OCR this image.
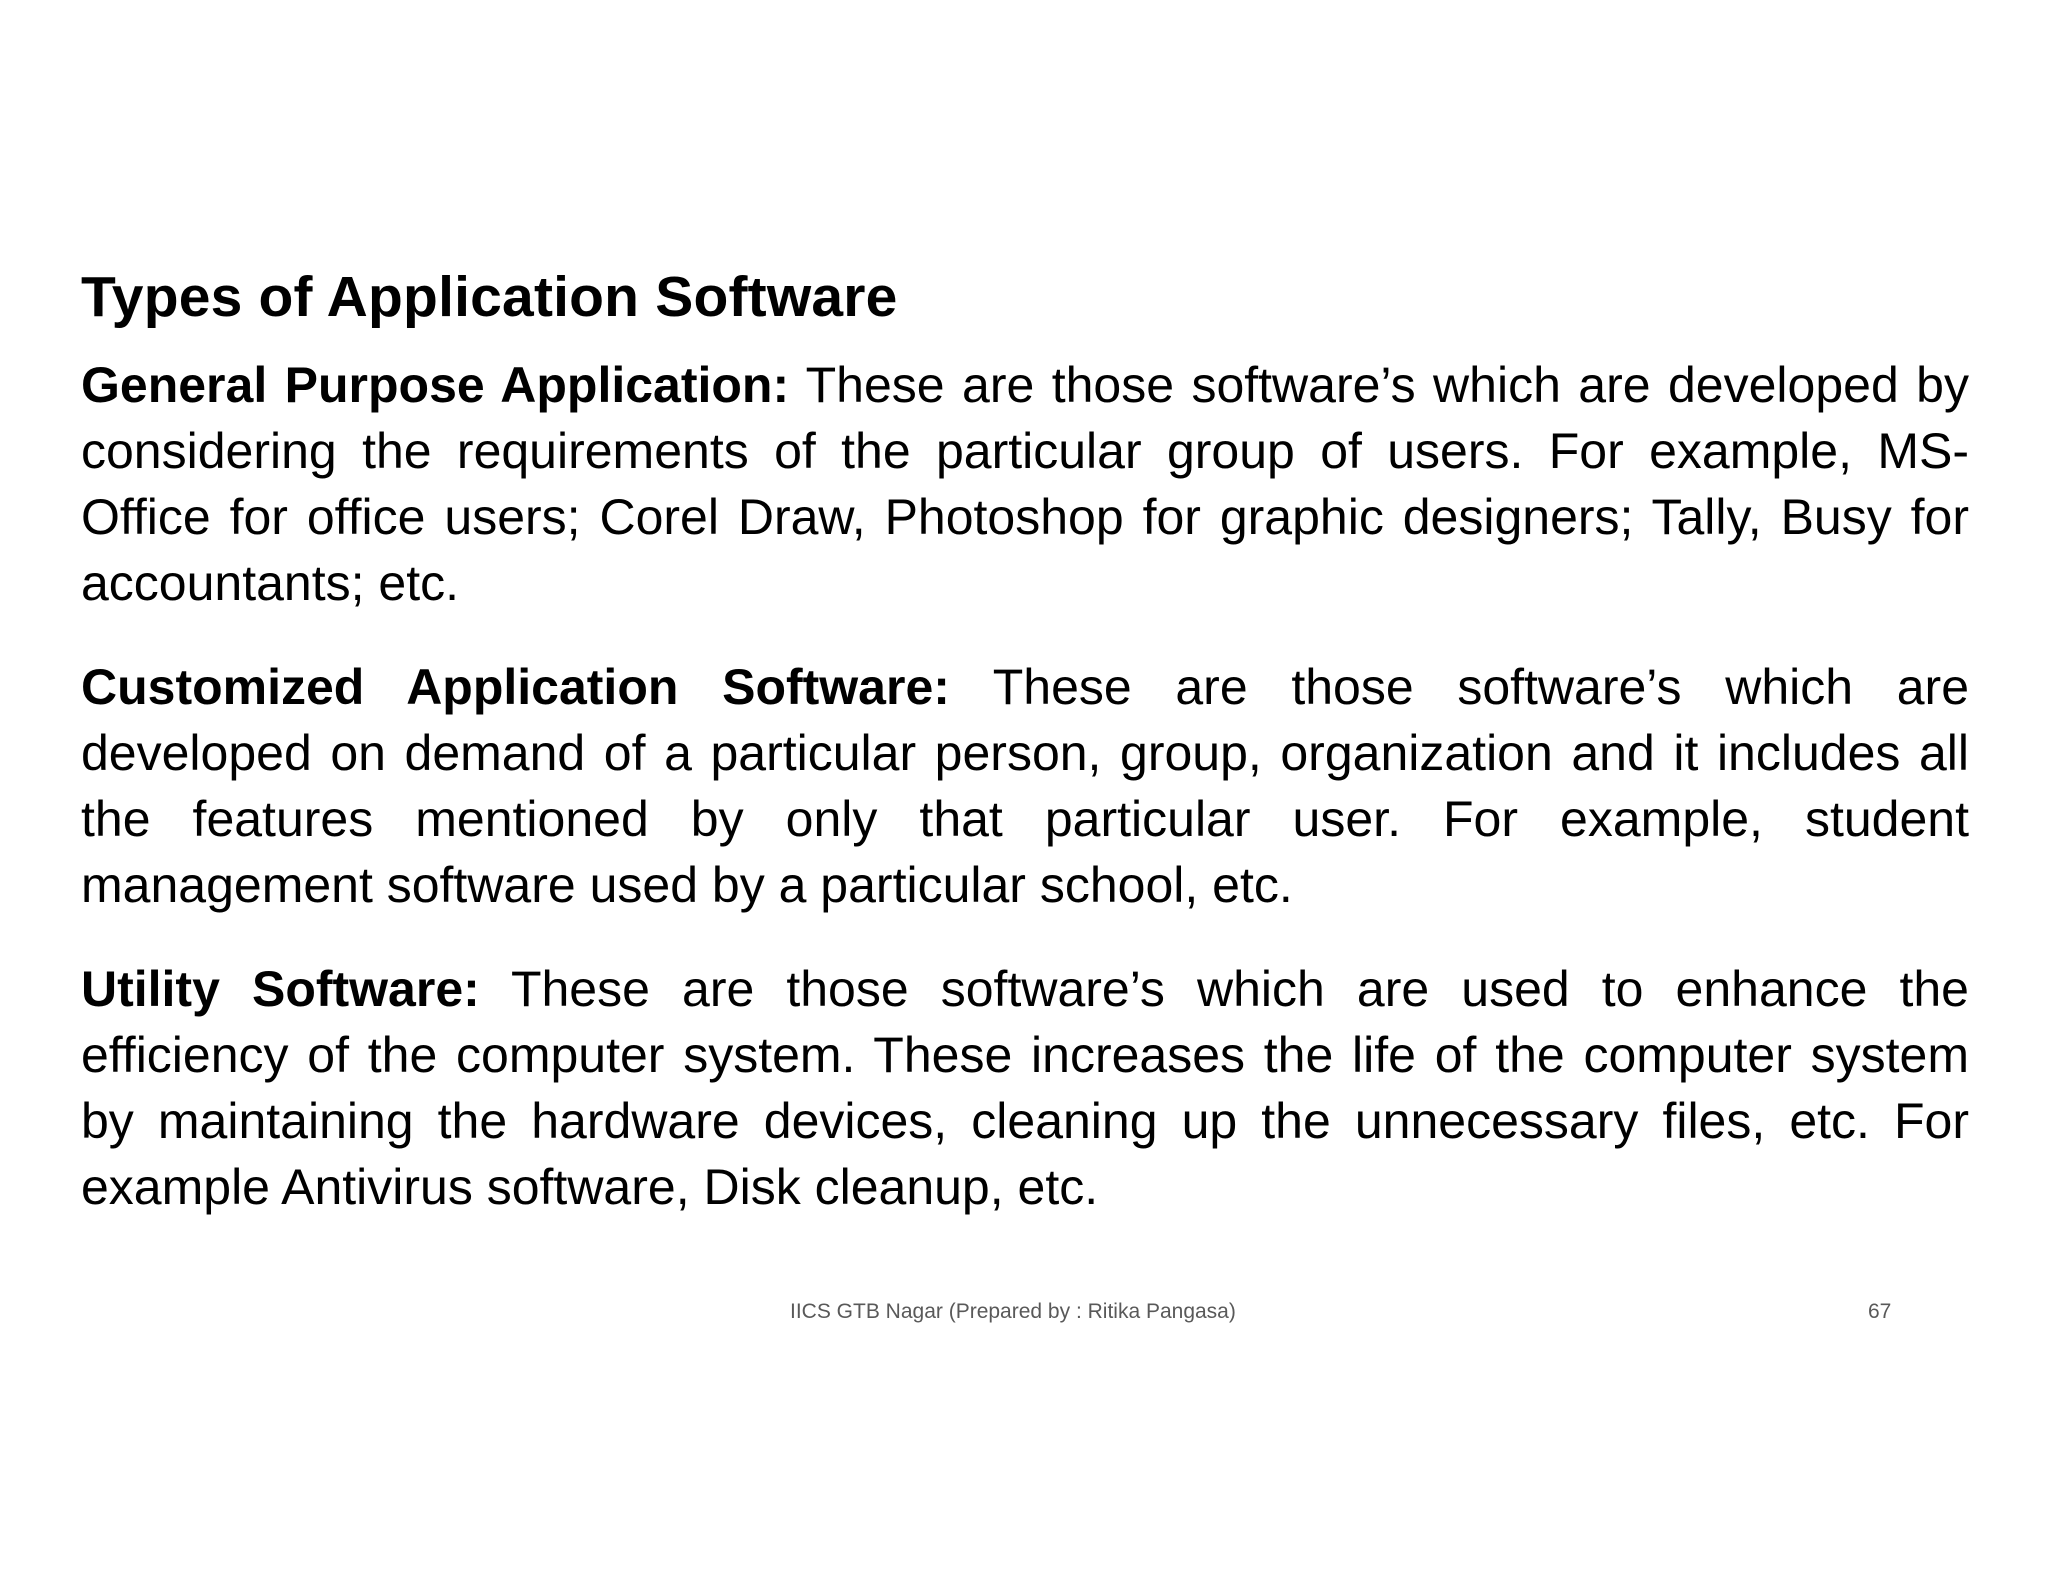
Types of Application Software

General Purpose Application: These are those software’s which are developed by considering the requirements of the particular group of users. For example, MS-Office for office users; Corel Draw, Photoshop for graphic designers; Tally, Busy for accountants; etc.

Customized Application Software: These are those software’s which are developed on demand of a particular person, group, organization and it includes all the features mentioned by only that particular user. For example, student management software used by a particular school, etc.

Utility Software: These are those software’s which are used to enhance the efficiency of the computer system. These increases the life of the computer system by maintaining the hardware devices, cleaning up the unnecessary files, etc. For example Antivirus software, Disk cleanup, etc.

IICS GTB Nagar (Prepared by : Ritika Pangasa)	67
